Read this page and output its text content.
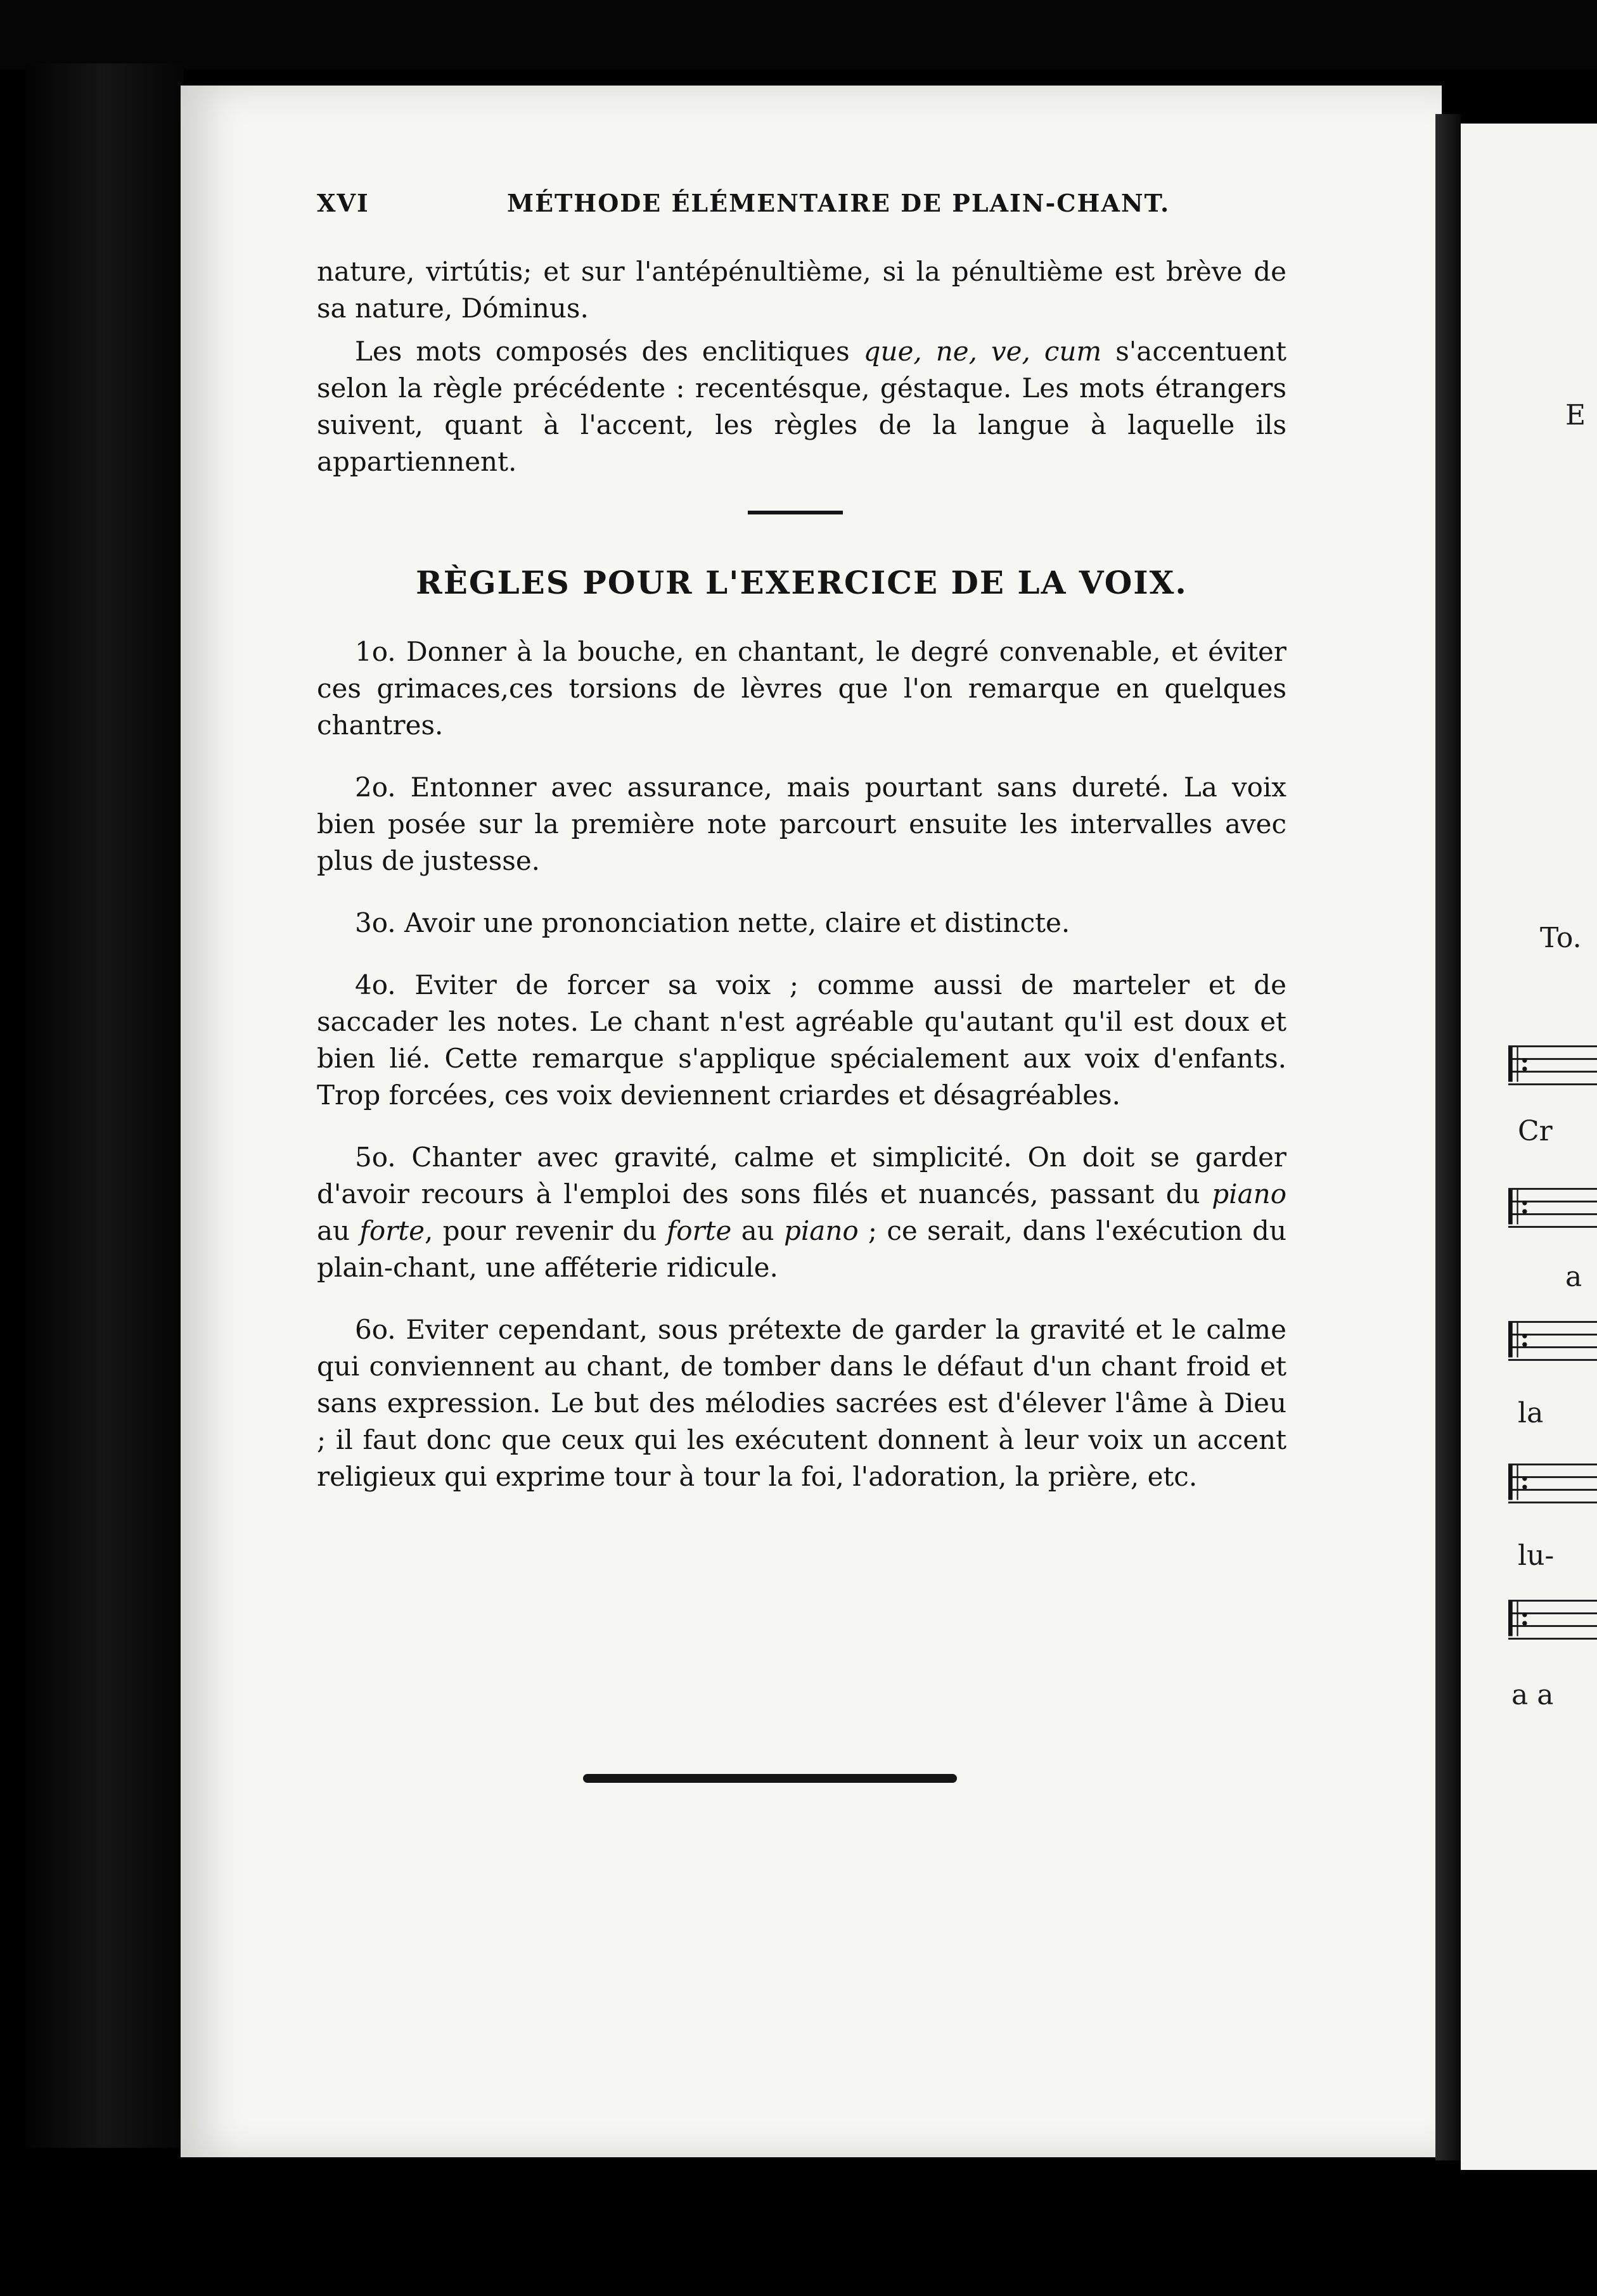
XVI	MÉTHODE ÉLÉMENTAIRE DE PLAIN-CHANT.

nature, virtútis; et sur l'antépénultième, si la pénultième est brève de sa nature, Dóminus.

Les mots composés des enclitiques que, ne, ve, cum s'accentuent selon la règle précédente : recentésque, géstaque. Les mots étrangers suivent, quant à l'accent, les règles de la langue à laquelle ils appartiennent.

RÈGLES POUR L'EXERCICE DE LA VOIX.

1o. Donner à la bouche, en chantant, le degré convenable, et éviter ces grimaces,ces torsions de lèvres que l'on remarque en quelques chantres.

2o. Entonner avec assurance, mais pourtant sans dureté. La voix bien posée sur la première note parcourt ensuite les intervalles avec plus de justesse.

3o. Avoir une prononciation nette, claire et distincte.

4o. Eviter de forcer sa voix ; comme aussi de marteler et de saccader les notes. Le chant n'est agréable qu'autant qu'il est doux et bien lié. Cette remarque s'applique spécialement aux voix d'enfants. Trop forcées, ces voix deviennent criardes et désagréables.

5o. Chanter avec gravité, calme et simplicité. On doit se garder d'avoir recours à l'emploi des sons filés et nuancés, passant du piano au forte, pour revenir du forte au piano ; ce serait, dans l'exécution du plain-chant, une afféterie ridicule.

6o. Eviter cependant, sous prétexte de garder la gravité et le calme qui conviennent au chant, de tomber dans le défaut d'un chant froid et sans expression. Le but des mélodies sacrées est d'élever l'âme à Dieu ; il faut donc que ceux qui les exécutent donnent à leur voix un accent religieux qui exprime tour à tour la foi, l'adoration, la prière, etc.

E
To.
𝄆
Cr
𝄆
a
𝄆
la
𝄆
lu-
𝄆
a a
